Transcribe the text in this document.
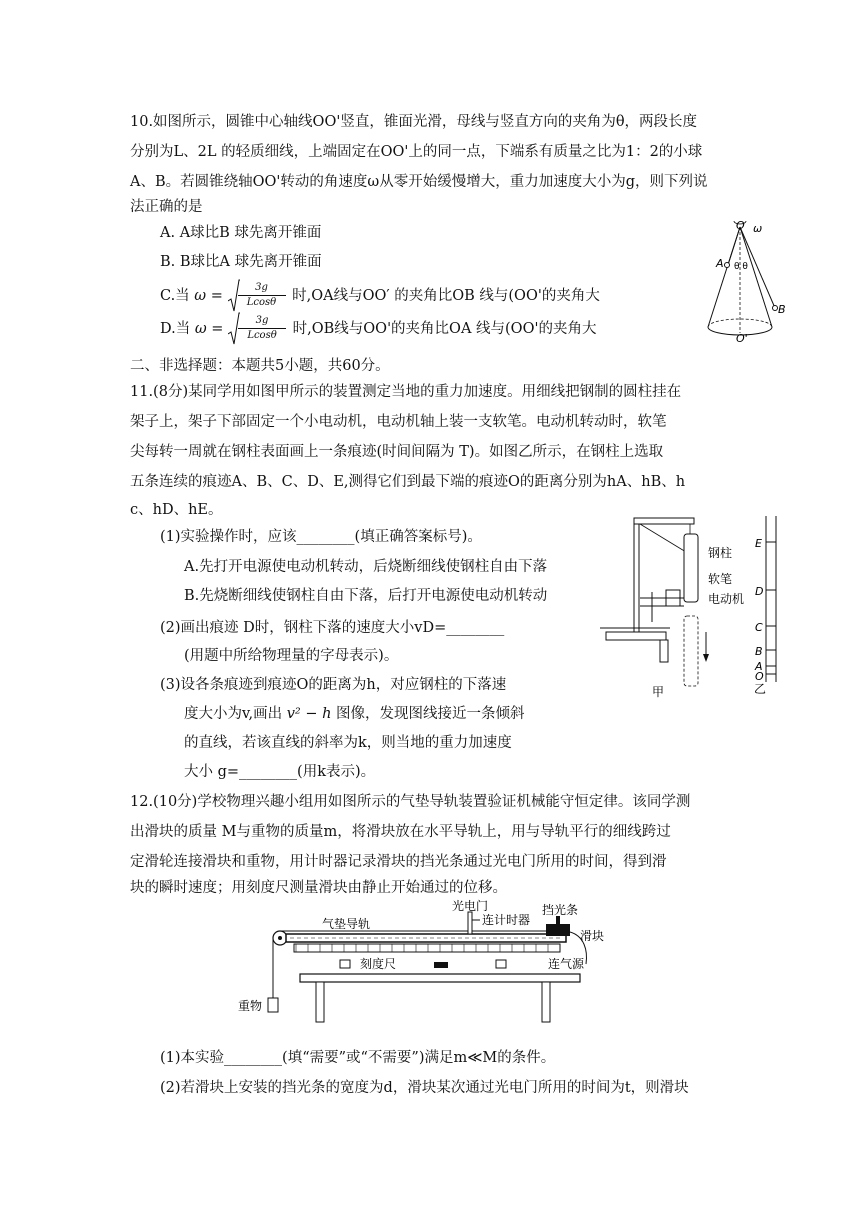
10.如图所示，圆锥中心轴线OO'竖直，锥面光滑，母线与竖直方向的夹角为θ，两段长度
分别为L、2L 的轻质细线，上端固定在OO'上的同一点，下端系有质量之比为1：2的小球
A、B。若圆锥绕轴OO'转动的角速度ω从零开始缓慢增大，重力加速度大小为g，则下列说
法正确的是
A. A球比B 球先离开锥面
B. B球比A 球先离开锥面
C.当 $\omega = \frac{3g}{Lcos\theta}$ 时,OA线与OO′ 的夹角比OB 线与(OO'的夹角大
D.当 $\omega = \frac{3g}{Lcos\theta}$ 时,OB线与OO'的夹角比OA 线与(OO'的夹角大
O ω
θ θ
A
B
O'
二、非选择题：本题共5小题，共60分。
11.(8分)某同学用如图甲所示的装置测定当地的重力加速度。用细线把钢制的圆柱挂在
架子上，架子下部固定一个小电动机，电动机轴上装一支软笔。电动机转动时，软笔
尖每转一周就在钢柱表面画上一条痕迹(时间间隔为 T)。如图乙所示，在钢柱上选取
五条连续的痕迹A、B、C、D、E,测得它们到最下端的痕迹O的距离分别为hA、hB、h
c、hD、hE。
(1)实验操作时，应该________(填正确答案标号)。
A.先打开电源使电动机转动，后烧断细线使钢柱自由下落
B.先烧断细线使钢柱自由下落，后打开电源使电动机转动
(2)画出痕迹 D时，钢柱下落的速度大小vD=________
(用题中所给物理量的字母表示)。
(3)设各条痕迹到痕迹O的距离为h，对应钢柱的下落速
度大小为v,画出 v² − h 图像，发现图线接近一条倾斜
的直线，若该直线的斜率为k，则当地的重力加速度
大小 g=________(用k表示)。
钢柱
软笔
电动机
甲
E
D
C
B
A
O
乙
12.(10分)学校物理兴趣小组用如图所示的气垫导轨装置验证机械能守恒定律。该同学测
出滑块的质量 M与重物的质量m，将滑块放在水平导轨上，用与导轨平行的细线跨过
定滑轮连接滑块和重物，用计时器记录滑块的挡光条通过光电门所用的时间，得到滑
块的瞬时速度；用刻度尺测量滑块由静止开始通过的位移。
气垫导轨
光电门
连计时器
挡光条
滑块
刻度尺	连气源
重物
(1)本实验________(填“需要”或“不需要”)满足m≪M的条件。
(2)若滑块上安装的挡光条的宽度为d，滑块某次通过光电门所用的时间为t，则滑块
